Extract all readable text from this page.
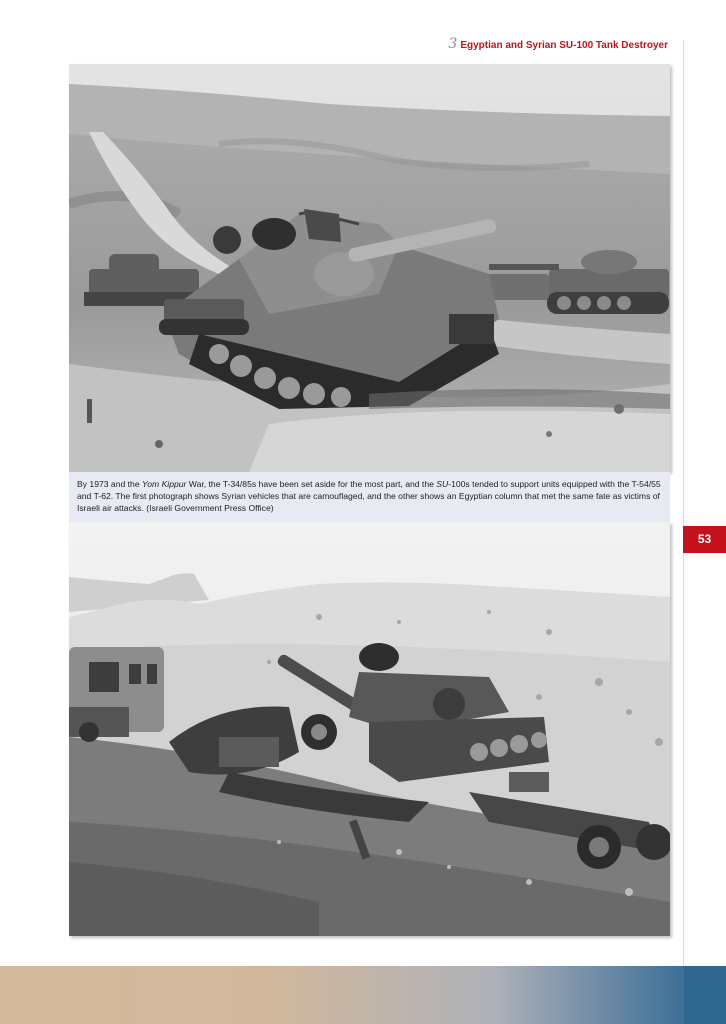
3 Egyptian and Syrian SU-100 Tank Destroyer
By 1973 and the Yom Kippur War, the T-34/85s have been set aside for the most part, and the SU-100s tended to support units equipped with the T-54/55 and T-62. The first photograph shows Syrian vehicles that are camouflaged, and the other shows an Egyptian column that met the same fate as victims of Israeli air attacks. (Israeli Government Press Office)
53
